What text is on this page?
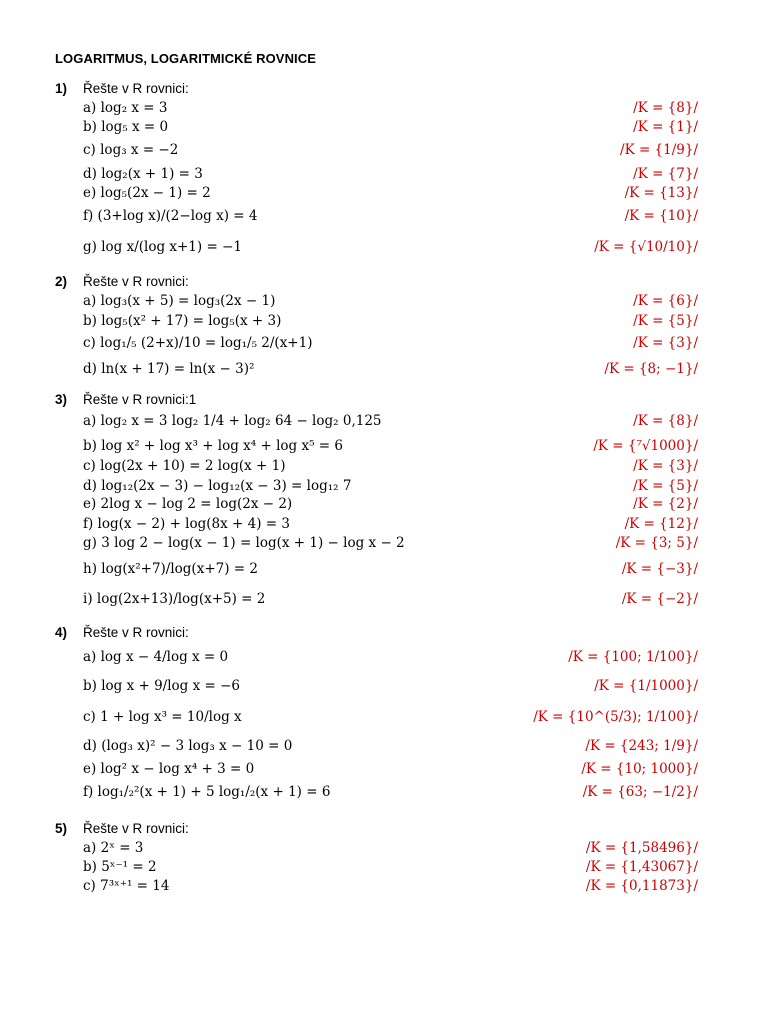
LOGARITMUS, LOGARITMICKÉ ROVNICE
1) Řešte v R rovnici:
a) log₂ x = 3	/K = {8}/
b) log₅ x = 0	/K = {1}/
c) log₃ x = −2	/K = {1/9}/
d) log₂(x + 1) = 3	/K = {7}/
e) log₅(2x − 1) = 2	/K = {13}/
f) (3+log x)/(2−log x) = 4	/K = {10}/
g) log x/(log x+1) = −1	/K = {√10/10}/
2) Řešte v R rovnici:
a) log₃(x + 5) = log₃(2x − 1)	/K = {6}/
b) log₅(x² + 17) = log₅(x + 3)	/K = {5}/
c) log₁/₅ (2+x)/10 = log₁/₅ 2/(x+1)	/K = {3}/
d) ln(x + 17) = ln(x − 3)²	/K = {8; −1}/
3) Řešte v R rovnici:1
a) log₂ x = 3 log₂ 1/4 + log₂ 64 − log₂ 0,125	/K = {8}/
b) log x² + log x³ + log x⁴ + log x⁵ = 6	/K = {⁷√1000}/
c) log(2x + 10) = 2 log(x + 1)	/K = {3}/
d) log₁₂(2x − 3) − log₁₂(x − 3) = log₁₂ 7	/K = {5}/
e) 2log x − log 2 = log(2x − 2)	/K = {2}/
f) log(x − 2) + log(8x + 4) = 3	/K = {12}/
g) 3 log 2 − log(x − 1) = log(x + 1) − log x − 2	/K = {3; 5}/
h) log(x²+7)/log(x+7) = 2	/K = {−3}/
i) log(2x+13)/log(x+5) = 2	/K = {−2}/
4) Řešte v R rovnici:
a) log x − 4/log x = 0	/K = {100; 1/100}/
b) log x + 9/log x = −6	/K = {1/1000}/
c) 1 + log x³ = 10/log x	/K = {10^(5/3); 1/100}/
d) (log₃ x)² − 3 log₃ x − 10 = 0	/K = {243; 1/9}/
e) log² x − log x⁴ + 3 = 0	/K = {10; 1000}/
f) log₁/₂²(x + 1) + 5 log₁/₂(x + 1) = 6	/K = {63; −1/2}/
5) Řešte v R rovnici:
a) 2ˣ = 3	/K = {1,58496}/
b) 5ˣ⁻¹ = 2	/K = {1,43067}/
c) 7³ˣ⁺¹ = 14	/K = {0,11873}/
